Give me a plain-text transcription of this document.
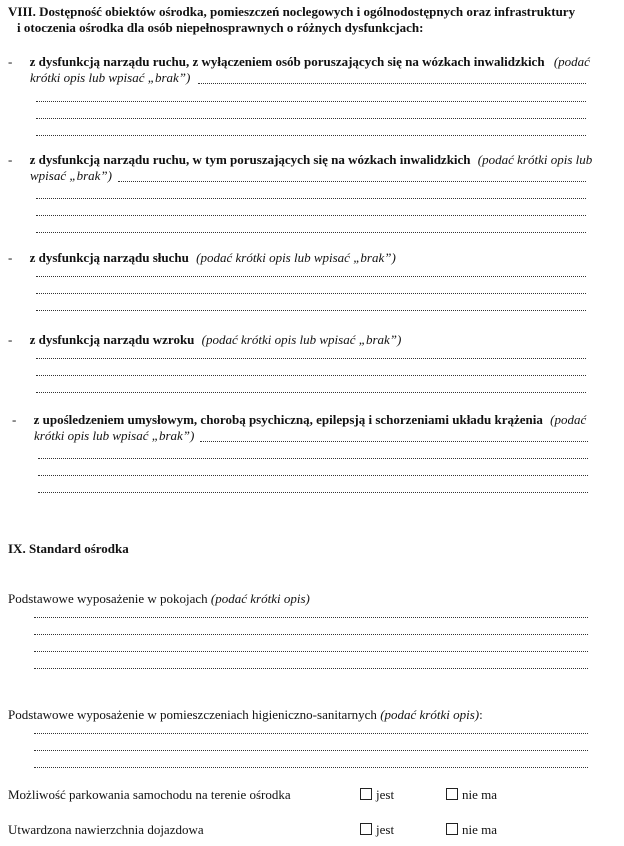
VIII. Dostępność obiektów ośrodka, pomieszczeń noclegowych i ogólnodostępnych oraz infrastruktury
i otoczenia ośrodka dla osób niepełnosprawnych o różnych dysfunkcjach:
- z dysfunkcją narządu ruchu, z wyłączeniem osób poruszających się na wózkach inwalidzkich (podać
krótki opis lub wpisać „brak”)
- z dysfunkcją narządu ruchu, w tym poruszających się na wózkach inwalidzkich (podać krótki opis lub
wpisać „brak”)
- z dysfunkcją narządu słuchu (podać krótki opis lub wpisać „brak”)
- z dysfunkcją narządu wzroku (podać krótki opis lub wpisać „brak”)
- z upośledzeniem umysłowym, chorobą psychiczną, epilepsją i schorzeniami układu krążenia (podać
krótki opis lub wpisać „brak”)
IX. Standard ośrodka
Podstawowe wyposażenie w pokojach (podać krótki opis)
Podstawowe wyposażenie w pomieszczeniach higieniczno-sanitarnych (podać krótki opis):
Możliwość parkowania samochodu na terenie ośrodka	jest	nie ma
Utwardzona nawierzchnia dojazdowa	jest	nie ma
